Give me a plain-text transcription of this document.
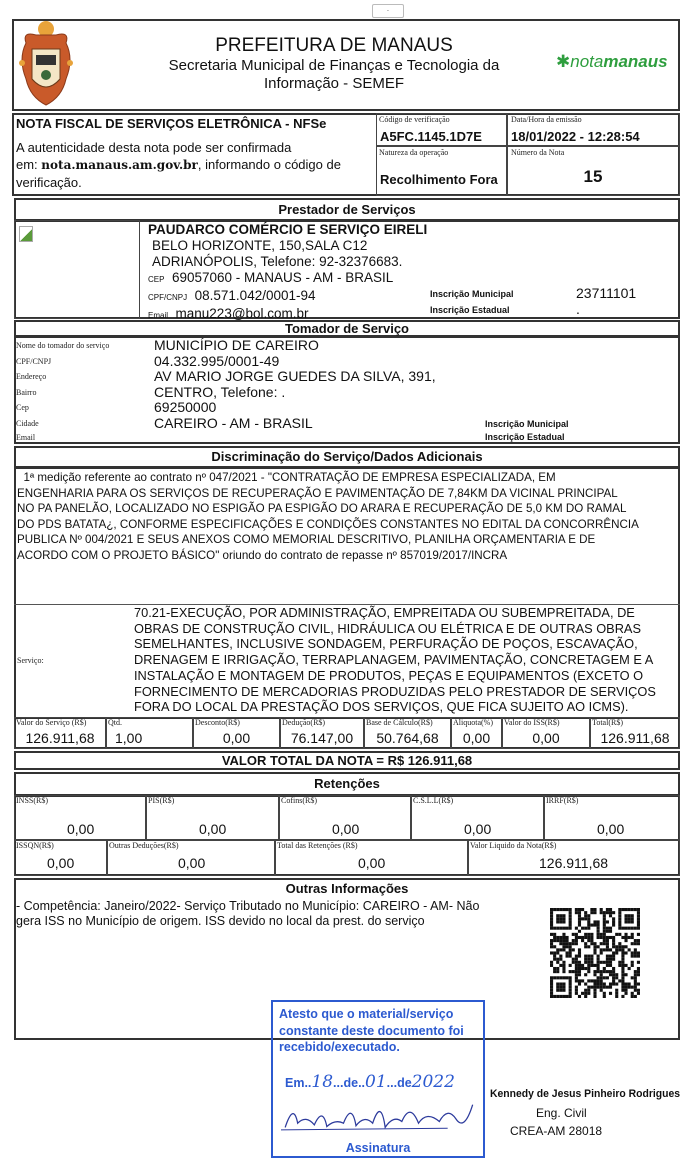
.
PREFEITURA DE MANAUS
Secretaria Municipal de Finanças e Tecnologia da
Informação - SEMEF
✱notamanaus
NOTA FISCAL DE SERVIÇOS ELETRÔNICA - NFSe
A autenticidade desta nota pode ser confirmada
em: nota.manaus.am.gov.br, informando o código de
verificação.
Código de verificação
A5FC.1145.1D7E
Data/Hora da emissão
18/01/2022 - 12:28:54
Natureza da operação
Recolhimento Fora
Número da Nota
15
Prestador de Serviços
PAUDARCO COMÉRCIO E SERVIÇO EIRELI
BELO HORIZONTE, 150,SALA C12
ADRIANÓPOLIS, Telefone: 92-32376683.
CEP 69057060 - MANAUS - AM - BRASIL
CPF/CNPJ 08.571.042/0001-94
Email manu223@bol.com.br
Inscrição Municipal	23711101
Inscrição Estadual	.
Tomador de Serviço
Nome do tomador do serviço	MUNICÍPIO DE CAREIRO
CPF/CNPJ	04.332.995/0001-49
Endereço	AV MARIO JORGE GUEDES DA SILVA, 391,
Bairro	CENTRO, Telefone: .
Cep	69250000
Cidade	CAREIRO - AM - BRASIL
Email
Inscrição Municipal
Inscrição Estadual
Discriminação do Serviço/Dados Adicionais
1ª medição referente ao contrato nº 047/2021 - "CONTRATAÇÃO DE EMPRESA ESPECIALIZADA, EM
ENGENHARIA PARA OS SERVIÇOS DE RECUPERAÇÃO E PAVIMENTAÇÃO DE 7,84KM DA VICINAL PRINCIPAL
NO PA PANELÃO, LOCALIZADO NO ESPIGÃO PA ESPIGÃO DO ARARA E RECUPERAÇÃO DE 5,0 KM DO RAMAL
DO PDS BATATA¿, CONFORME ESPECIFICAÇÕES E CONDIÇÕES CONSTANTES NO EDITAL DA CONCORRÊNCIA
PUBLICA Nº 004/2021 E SEUS ANEXOS COMO MEMORIAL DESCRITIVO, PLANILHA ORÇAMENTARIA E DE
ACORDO COM O PROJETO BÁSICO" oriundo do contrato de repasse nº 857019/2017/INCRA
Serviço:
70.21-EXECUÇÃO, POR ADMINISTRAÇÃO, EMPREITADA OU SUBEMPREITADA, DE
OBRAS DE CONSTRUÇÃO CIVIL, HIDRÁULICA OU ELÉTRICA E DE OUTRAS OBRAS
SEMELHANTES, INCLUSIVE SONDAGEM, PERFURAÇÃO DE POÇOS, ESCAVAÇÃO,
DRENAGEM E IRRIGAÇÃO, TERRAPLANAGEM, PAVIMENTAÇÃO, CONCRETAGEM E A
INSTALAÇÃO E MONTAGEM DE PRODUTOS, PEÇAS E EQUIPAMENTOS (EXCETO O
FORNECIMENTO DE MERCADORIAS PRODUZIDAS PELO PRESTADOR DE SERVIÇOS
FORA DO LOCAL DA PRESTAÇÃO DOS SERVIÇOS, QUE FICA SUJEITO AO ICMS).
Valor do Serviço (R$)
126.911,68
Qtd.
1,00
Desconto(R$)
0,00
Dedução(R$)
76.147,00
Base de Cálculo(R$)
50.764,68
Aliquota(%)
0,00
Valor do ISS(R$)
0,00
Total(R$)
126.911,68
VALOR TOTAL DA NOTA = R$ 126.911,68
Retenções
INSS(R$)
0,00
PIS(R$)
0,00
Cofins(R$)
0,00
C.S.L.L(R$)
0,00
IRRF(R$)
0,00
ISSQN(R$)
0,00
Outras Deduções(R$)
0,00
Total das Retenções (R$)
0,00
Valor Liquido da Nota(R$)
126.911,68
Outras Informações
- Competência: Janeiro/2022- Serviço Tributado no Município: CAREIRO - AM- Não
gera ISS no Município de origem. ISS devido no local da prest. do serviço
Atesto que o material/serviço
constante deste documento foi
recebido/executado.
Em..18...de..01...de2022
Assinatura
Kennedy de Jesus Pinheiro Rodrigues
Eng. Civil
CREA-AM 28018
